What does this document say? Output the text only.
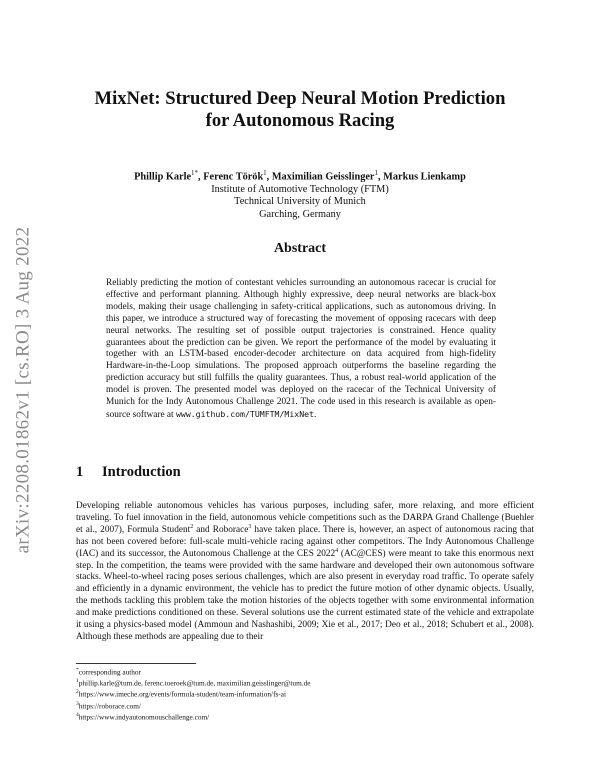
arXiv:2208.01862v1 [cs.RO] 3 Aug 2022
MixNet: Structured Deep Neural Motion Prediction
for Autonomous Racing
Phillip Karle$^{1*}$, Ferenc Török$^1$, Maximilian Geisslinger$^1$, Markus Lienkamp
Institute of Automotive Technology (FTM)
Technical University of Munich
Garching, Germany
Abstract
Reliably predicting the motion of contestant vehicles surrounding an autonomous racecar is crucial for effective and performant planning. Although highly expressive, deep neural networks are black-box models, making their usage challenging in safety-critical applications, such as autonomous driving. In this paper, we introduce a structured way of forecasting the movement of opposing racecars with deep neural networks. The resulting set of possible output trajectories is constrained. Hence quality guarantees about the prediction can be given. We report the performance of the model by evaluating it together with an LSTM-based encoder-decoder architecture on data acquired from high-fidelity Hardware-in-the-Loop simulations. The proposed approach outperforms the baseline regarding the prediction accuracy but still fulfills the quality guarantees. Thus, a robust real-world application of the model is proven. The presented model was deployed on the racecar of the Technical University of Munich for the Indy Autonomous Challenge 2021. The code used in this research is available as open-source software at www.github.com/TUMFTM/MixNet.
1 Introduction
Developing reliable autonomous vehicles has various purposes, including safer, more relaxing, and more efficient traveling. To fuel innovation in the field, autonomous vehicle competitions such as the DARPA Grand Challenge (Buehler et al., 2007), Formula Student$^2$ and Roborace$^3$ have taken place. There is, however, an aspect of autonomous racing that has not been covered before: full-scale multi-vehicle racing against other competitors. The Indy Autonomous Challenge (IAC) and its successor, the Autonomous Challenge at the CES 2022$^4$ (AC@CES) were meant to take this enormous next step. In the competition, the teams were provided with the same hardware and developed their own autonomous software stacks. Wheel-to-wheel racing poses serious challenges, which are also present in everyday road traffic. To operate safely and efficiently in a dynamic environment, the vehicle has to predict the future motion of other dynamic objects. Usually, the methods tackling this problem take the motion histories of the objects together with some environmental information and make predictions conditioned on these. Several solutions use the current estimated state of the vehicle and extrapolate it using a physics-based model (Ammoun and Nashashibi, 2009; Xie et al., 2017; Deo et al., 2018; Schubert et al., 2008). Although these methods are appealing due to their
*corresponding author
$^1$phillip.karle@tum.de, ferenc.toeroek@tum.de, maximilian.geisslinger@tum.de
$^2$https://www.imeche.org/events/formula-student/team-information/fs-ai
$^3$https://roborace.com/
$^4$https://www.indyautonomouschallenge.com/
